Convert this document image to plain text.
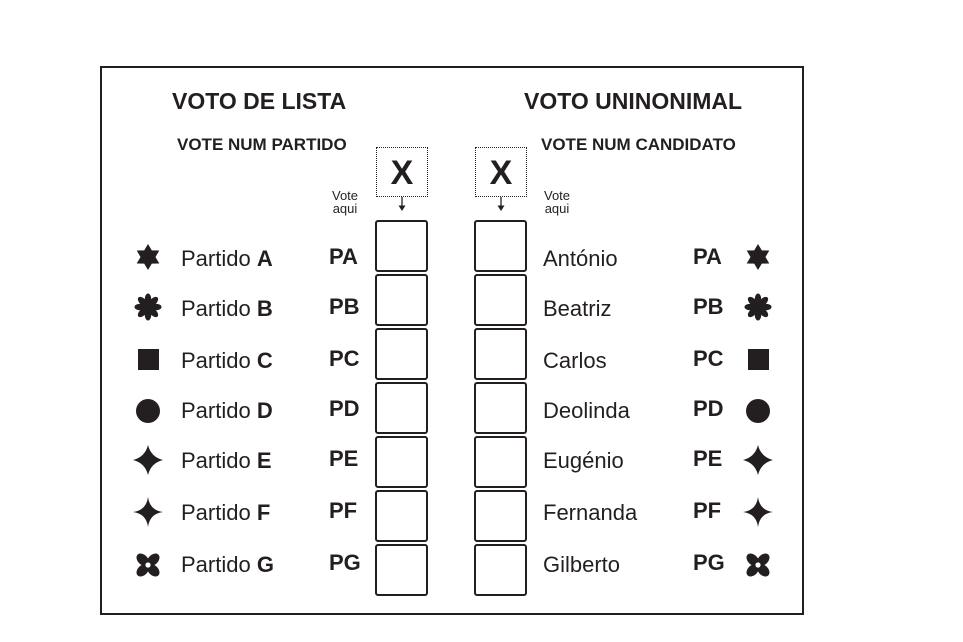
VOTO DE LISTA	VOTO UNINONIMAL
VOTE NUM PARTIDO	VOTE NUM CANDIDATO
X	X
Vote
aqui
Vote
aqui
Partido A	PA	António	PA
Partido B	PB	Beatriz	PB
Partido C	PC	Carlos	PC
Partido D	PD	Deolinda	PD
Partido E	PE	Eugénio	PE
Partido F	PF	Fernanda	PF
Partido G	PG	Gilberto	PG
